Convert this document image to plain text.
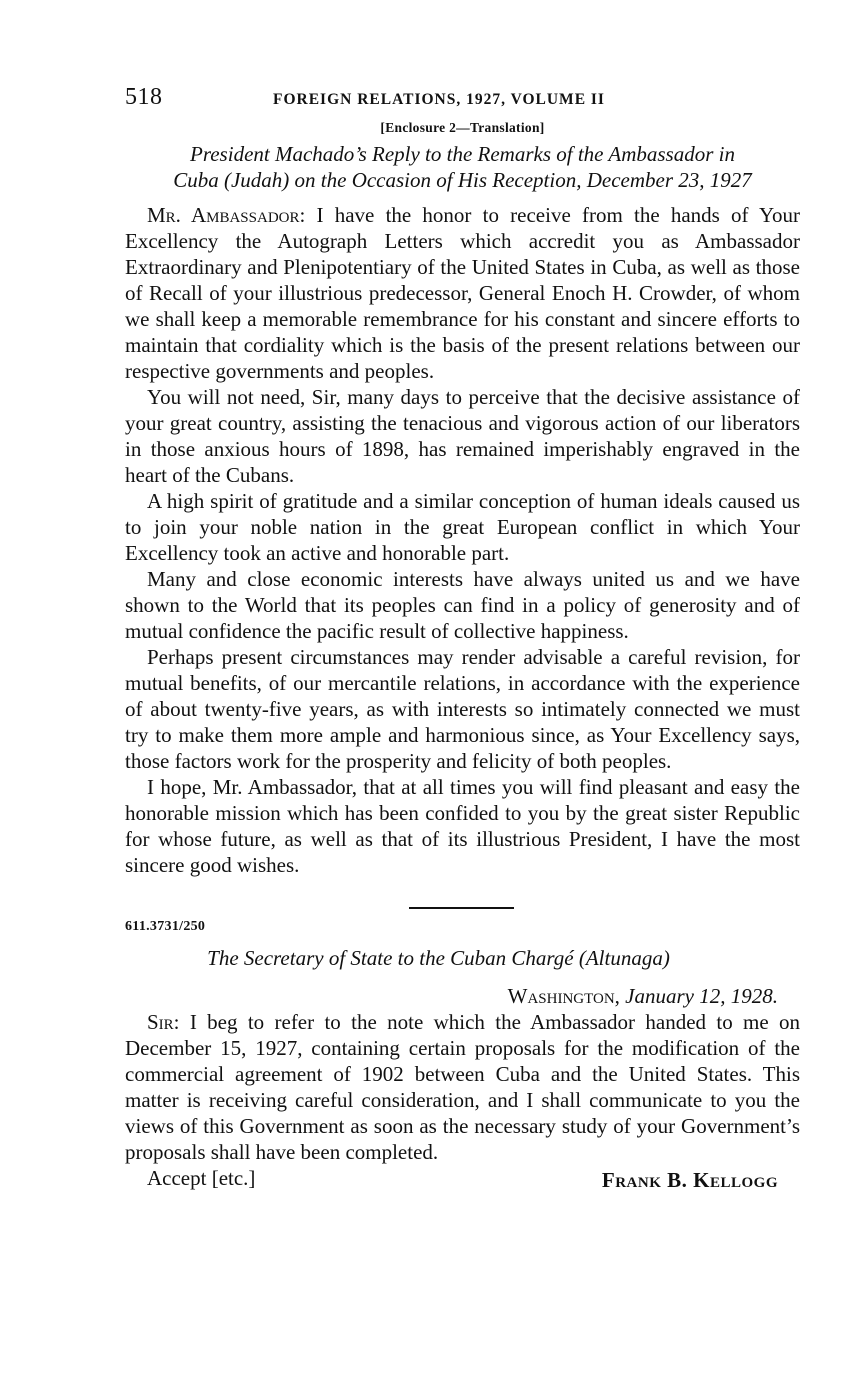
518	FOREIGN RELATIONS, 1927, VOLUME II
[Enclosure 2—Translation]
President Machado’s Reply to the Remarks of the Ambassador in
Cuba (Judah) on the Occasion of His Reception, December 23, 1927

Mr. Ambassador: I have the honor to receive from the hands of Your Excellency the Autograph Letters which accredit you as Ambassador Extraordinary and Plenipotentiary of the United States in Cuba, as well as those of Recall of your illustrious predecessor, General Enoch H. Crowder, of whom we shall keep a memorable remembrance for his constant and sincere efforts to maintain that cordiality which is the basis of the present relations between our respective governments and peoples.

You will not need, Sir, many days to perceive that the decisive assistance of your great country, assisting the tenacious and vigorous action of our liberators in those anxious hours of 1898, has remained imperishably engraved in the heart of the Cubans.

A high spirit of gratitude and a similar conception of human ideals caused us to join your noble nation in the great European conflict in which Your Excellency took an active and honorable part.

Many and close economic interests have always united us and we have shown to the World that its peoples can find in a policy of generosity and of mutual confidence the pacific result of collective happiness.

Perhaps present circumstances may render advisable a careful revision, for mutual benefits, of our mercantile relations, in accordance with the experience of about twenty-five years, as with interests so intimately connected we must try to make them more ample and harmonious since, as Your Excellency says, those factors work for the prosperity and felicity of both peoples.

I hope, Mr. Ambassador, that at all times you will find pleasant and easy the honorable mission which has been confided to you by the great sister Republic for whose future, as well as that of its illustrious President, I have the most sincere good wishes.

611.3731/250
The Secretary of State to the Cuban Chargé (Altunaga)
Washington, January 12, 1928.

Sir: I beg to refer to the note which the Ambassador handed to me on December 15, 1927, containing certain proposals for the modification of the commercial agreement of 1902 between Cuba and the United States. This matter is receiving careful consideration, and I shall communicate to you the views of this Government as soon as the necessary study of your Government’s proposals shall have been completed.

Accept [etc.]	Frank B. Kellogg
